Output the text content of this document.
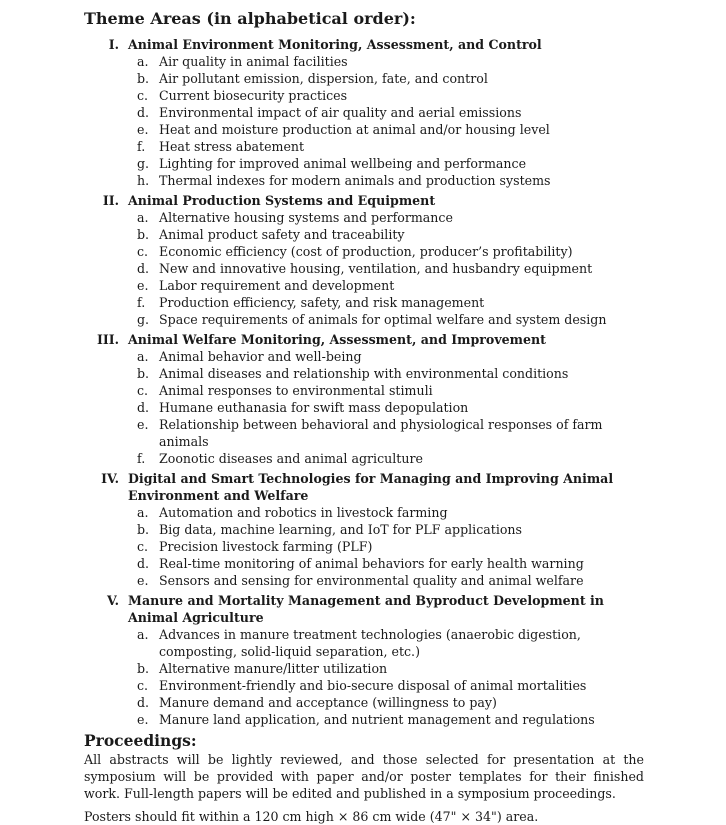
Theme Areas (in alphabetical order):
I. Animal Environment Monitoring, Assessment, and Control
a. Air quality in animal facilities
b. Air pollutant emission, dispersion, fate, and control
c. Current biosecurity practices
d. Environmental impact of air quality and aerial emissions
e. Heat and moisture production at animal and/or housing level
f.	Heat stress abatement
g. Lighting for improved animal wellbeing and performance
h. Thermal indexes for modern animals and production systems
II. Animal Production Systems and Equipment
a. Alternative housing systems and performance
b. Animal product safety and traceability
c. Economic efficiency (cost of production, producer’s profitability)
d. New and innovative housing, ventilation, and husbandry equipment
e. Labor requirement and development
f.	Production efficiency, safety, and risk management
g. Space requirements of animals for optimal welfare and system design
III. Animal Welfare Monitoring, Assessment, and Improvement
a. Animal behavior and well-being
b. Animal diseases and relationship with environmental conditions
c. Animal responses to environmental stimuli
d. Humane euthanasia for swift mass depopulation
e. Relationship between behavioral and physiological responses of farm animals
f.	Zoonotic diseases and animal agriculture
IV. Digital and Smart Technologies for Managing and Improving Animal Environment and Welfare
a. Automation and robotics in livestock farming
b. Big data, machine learning, and IoT for PLF applications
c. Precision livestock farming (PLF)
d. Real-time monitoring of animal behaviors for early health warning
e. Sensors and sensing for environmental quality and animal welfare
V. Manure and Mortality Management and Byproduct Development in Animal Agriculture
a. Advances in manure treatment technologies (anaerobic digestion, composting, solid-liquid separation, etc.)
b. Alternative manure/litter utilization
c. Environment-friendly and bio-secure disposal of animal mortalities
d. Manure demand and acceptance (willingness to pay)
e. Manure land application, and nutrient management and regulations
Proceedings:

All abstracts will be lightly reviewed, and those selected for presentation at the symposium will be provided with paper and/or poster templates for their finished work. Full-length papers will be edited and published in a symposium proceedings.

Posters should fit within a 120 cm high × 86 cm wide (47" × 34") area.
